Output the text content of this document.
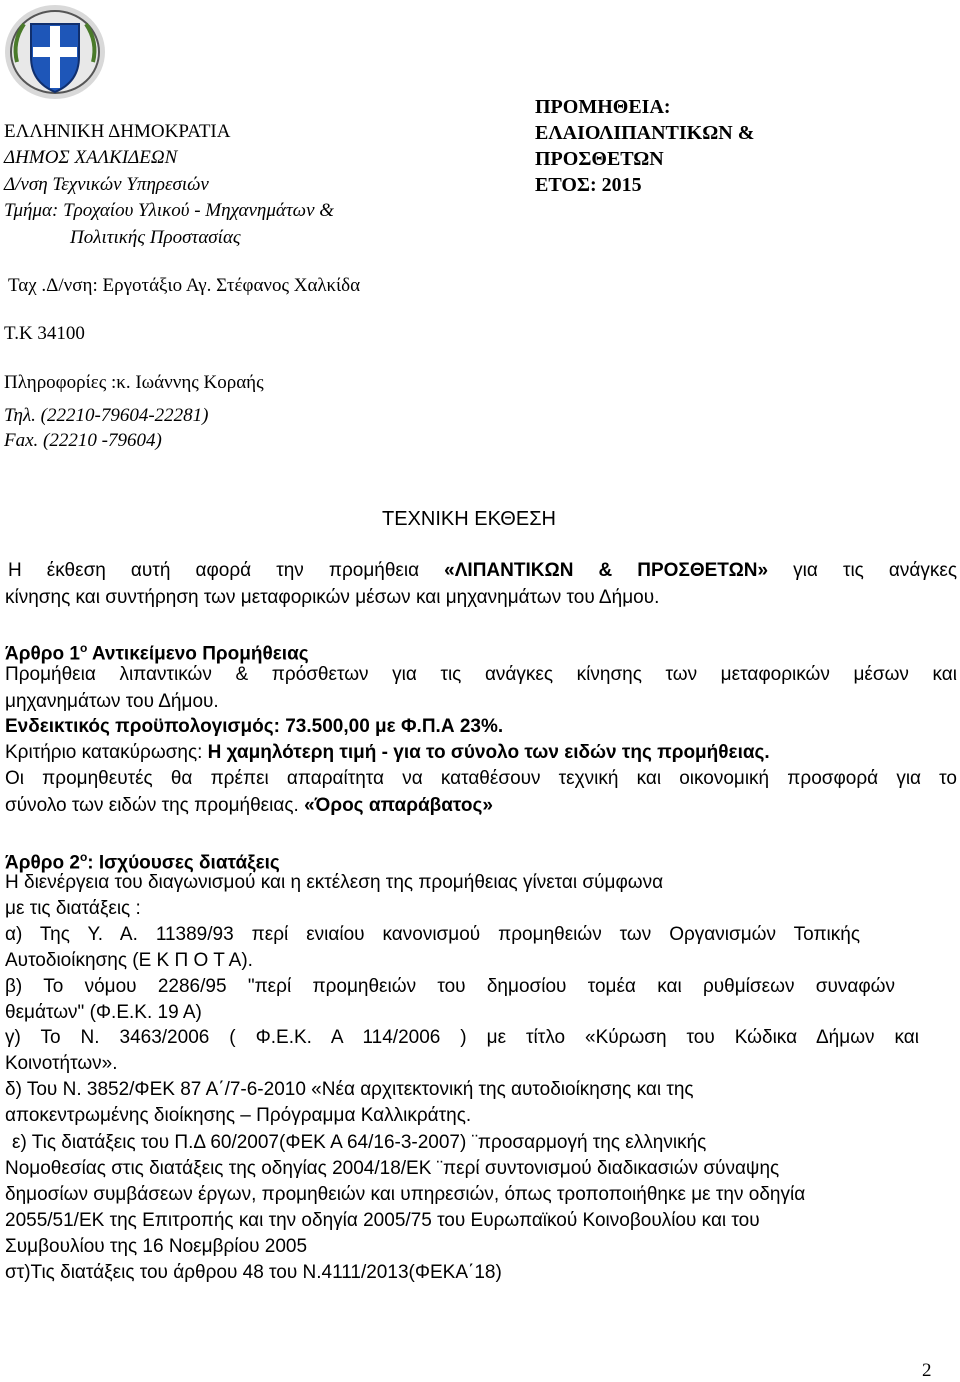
ΕΛΛΗΝΙΚΗ ΔΗΜΟΚΡΑΤΙΑ
ΔΗΜΟΣ ΧΑΛΚΙΔΕΩΝ
Δ/νση Τεχνικών Υπηρεσιών
Τμήμα: Τροχαίου Υλικού - Μηχανημάτων &
Πολιτικής Προστασίας
Ταχ .Δ/νση: Εργοτάξιο Αγ. Στέφανος Χαλκίδα
Τ.Κ 34100
Πληροφορίες :κ. Ιωάννης Κοραής
Τηλ. (22210-79604-22281)
Fax. (22210 -79604)
ΠΡΟΜΗΘΕΙΑ:
ΕΛΑΙΟΛΙΠΑΝΤΙΚΩΝ &
ΠΡΟΣΘΕΤΩΝ
ΕΤΟΣ: 2015
ΤΕΧΝΙΚΗ ΕΚΘΕΣΗ
Η έκθεση αυτή αφορά την προμήθεια «ΛΙΠΑΝΤΙΚΩΝ & ΠΡΟΣΘΕΤΩΝ» για τις ανάγκες
κίνησης και συντήρηση των μεταφορικών μέσων και μηχανημάτων του Δήμου.
Άρθρο $1^o$ Αντικείμενο Προμήθειας
Προμήθεια λιπαντικών & πρόσθετων για τις ανάγκες κίνησης των μεταφορικών μέσων και
μηχανημάτων του Δήμου.
Ενδεικτικός προϋπολογισμός: 73.500,00 με Φ.Π.Α 23%.
Κριτήριο κατακύρωσης: Η χαμηλότερη τιμή - για το σύνολο των ειδών της προμήθειας.
Οι προμηθευτές θα πρέπει απαραίτητα να καταθέσουν τεχνική και οικονομική προσφορά για το
σύνολο των ειδών της προμήθειας. «Όρος απαράβατος»
Άρθρο $2^o$: Ισχύουσες διατάξεις
Η διενέργεια του διαγωνισμού και η εκτέλεση της προμήθειας γίνεται σύμφωνα
με τις διατάξεις :
α) Της Υ. Α. 11389/93 περί ενιαίου κανονισμού προμηθειών των Οργανισμών Τοπικής
Αυτοδιοίκησης (Ε Κ Π Ο Τ Α).
β) Το νόμου 2286/95 "περί προμηθειών του δημοσίου τομέα και ρυθμίσεων συναφών
θεμάτων" (Φ.Ε.Κ. 19 Α)
γ) Το Ν. 3463/2006 ( Φ.Ε.Κ. Α 114/2006 ) με τίτλο «Κύρωση του Κώδικα Δήμων και
Κοινοτήτων».
δ) Του Ν. 3852/ΦΕΚ 87 Α΄/7-6-2010 «Νέα αρχιτεκτονική της αυτοδιοίκησης και της
αποκεντρωμένης διοίκησης – Πρόγραμμα Καλλικράτης.
ε) Τις διατάξεις του Π.Δ 60/2007(ΦΕΚ Α 64/16-3-2007) ¨προσαρμογή της ελληνικής
Νομοθεσίας στις διατάξεις της οδηγίας 2004/18/ΕΚ ¨περί συντονισμού διαδικασιών σύναψης
δημοσίων συμβάσεων έργων, προμηθειών και υπηρεσιών, όπως τροποποιήθηκε με την οδηγία
2055/51/ΕΚ της Επιτροπής και την οδηγία 2005/75 του Ευρωπαϊκού Κοινοβουλίου και του
Συμβουλίου της 16 Νοεμβρίου 2005
στ)Τις διατάξεις του άρθρου 48 του Ν.4111/2013(ΦΕΚΑ΄18)
2
